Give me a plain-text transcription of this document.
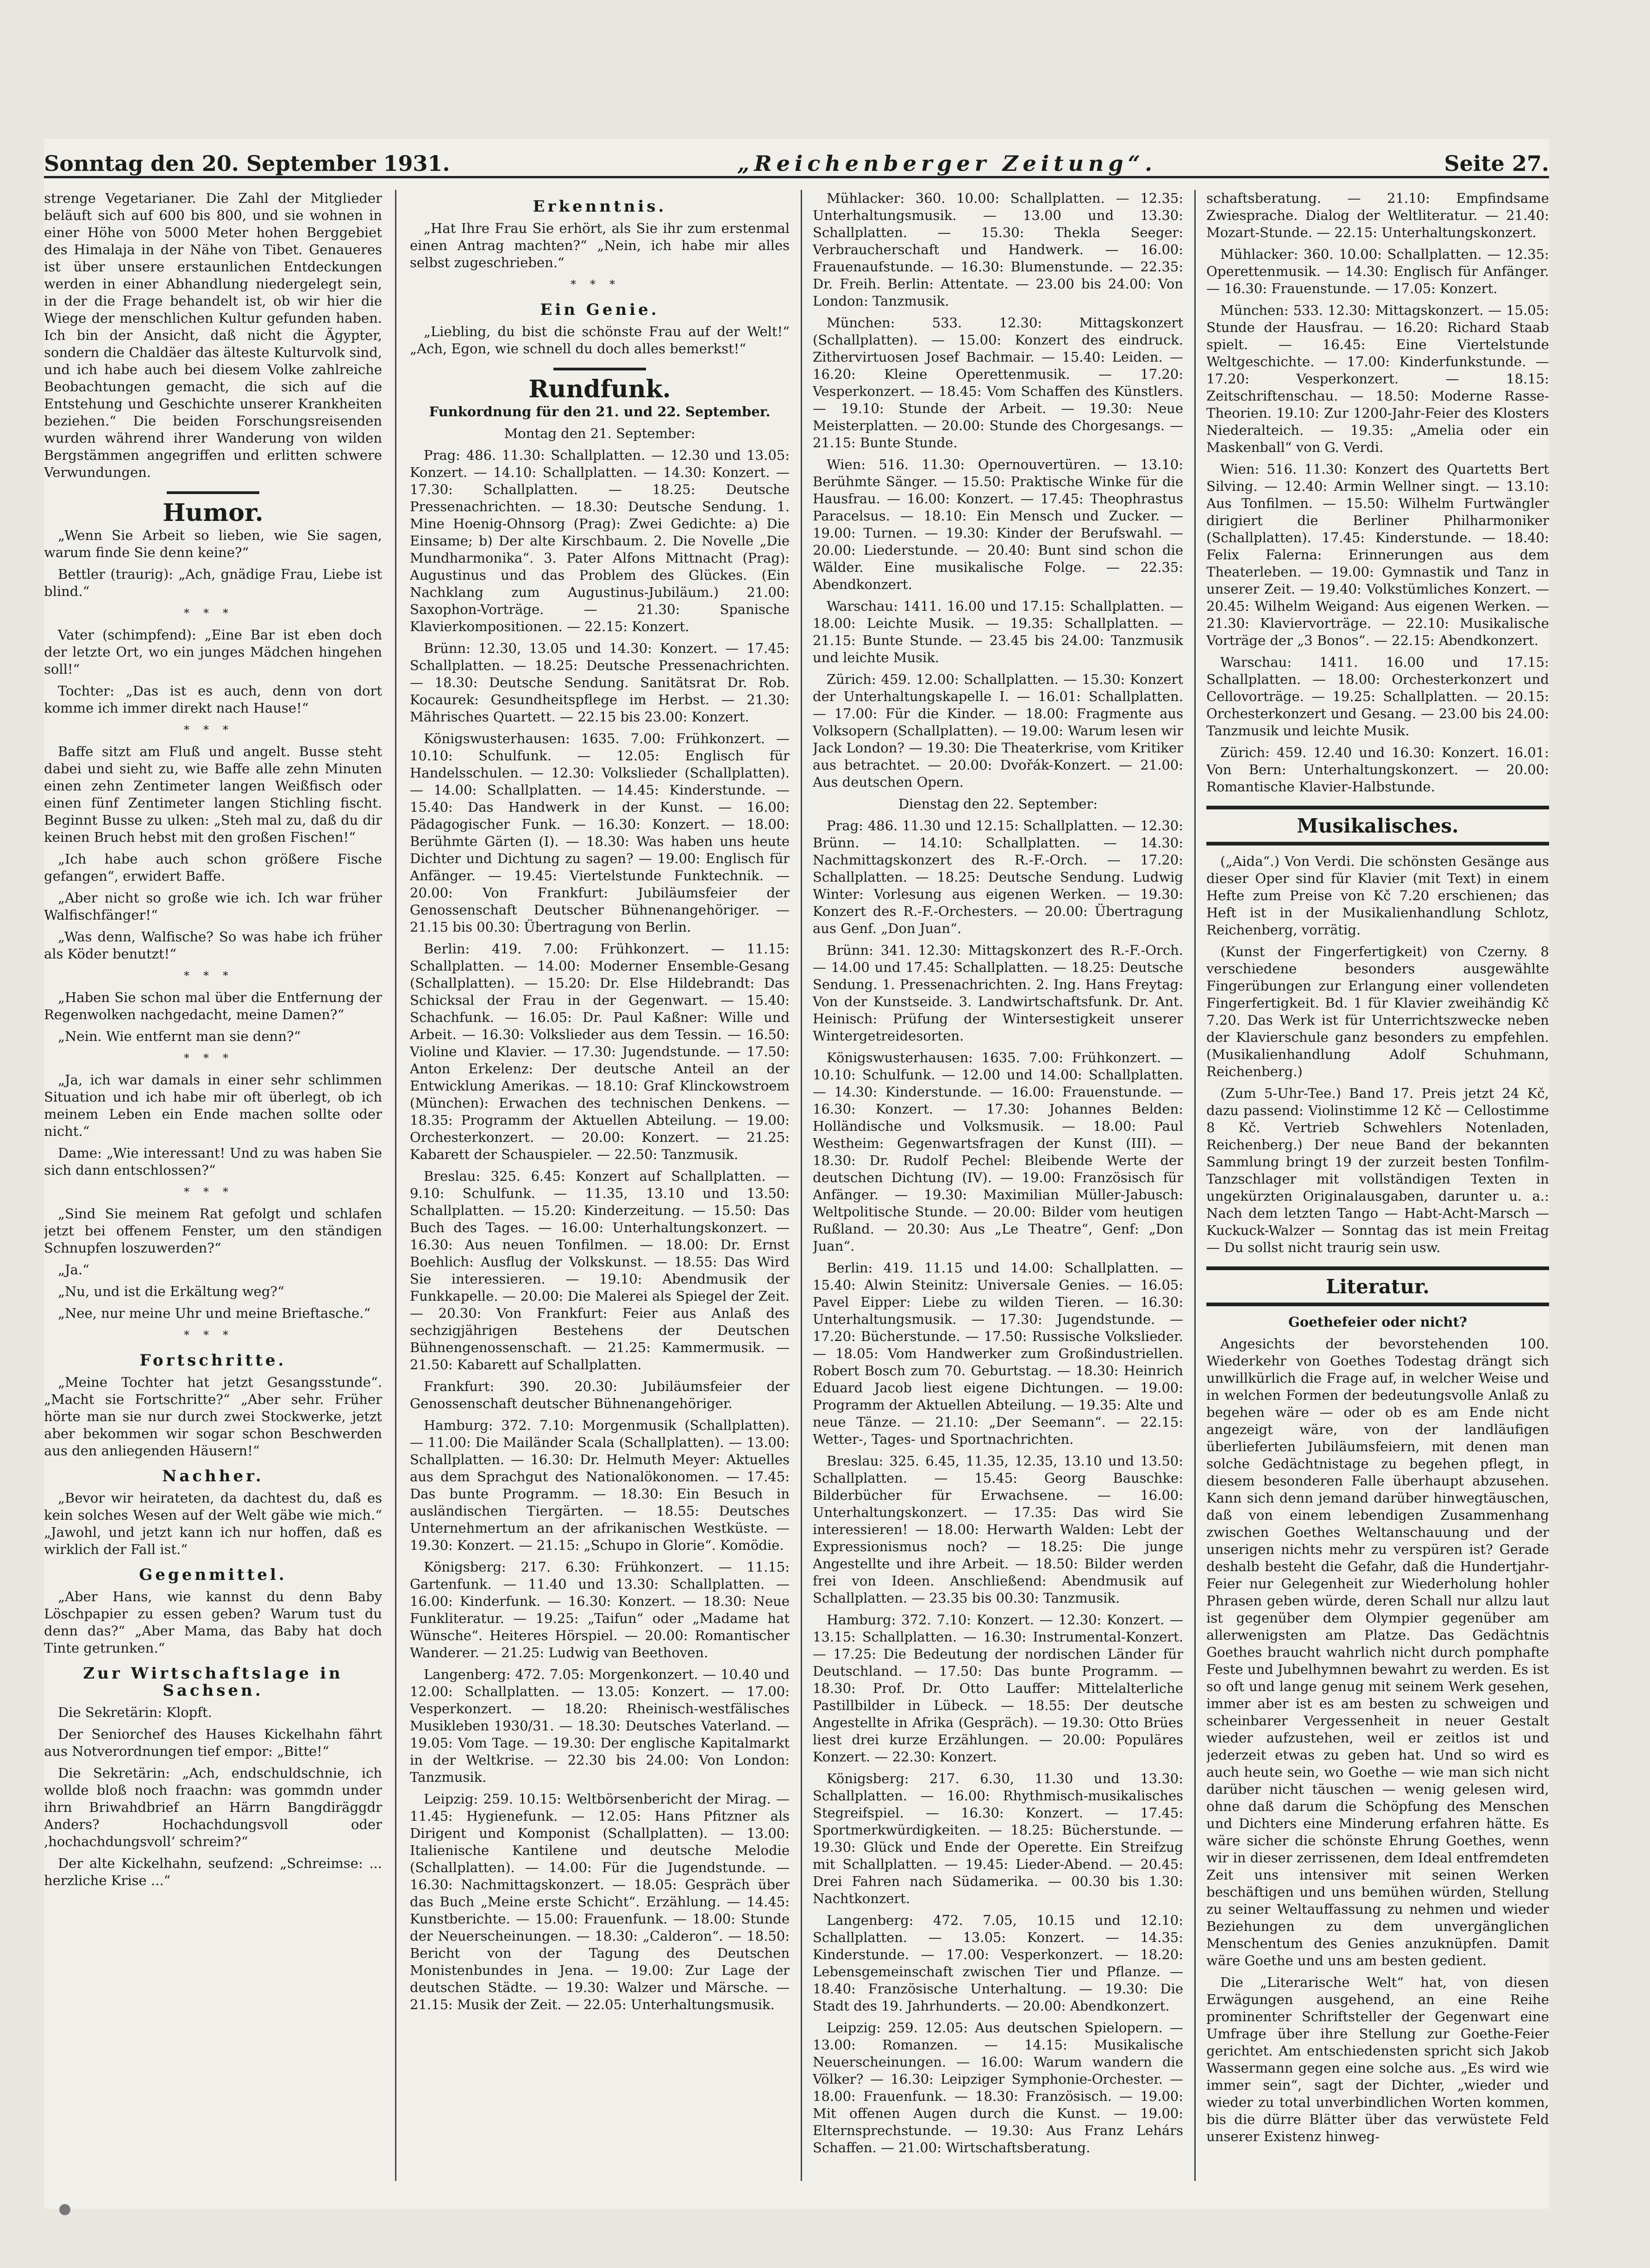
Sonntag den 20. September 1931.	„Reichenberger Zeitung“.	Seite 27.

strenge Vegetarianer. Die Zahl der Mitglieder beläuft sich auf 600 bis 800, und sie wohnen in einer Höhe von 5000 Meter hohen Berggebiet des Himalaja in der Nähe von Tibet. Genaueres ist über unsere erstaunlichen Entdeckungen werden in einer Abhandlung niedergelegt sein, in der die Frage behandelt ist, ob wir hier die Wiege der menschlichen Kultur gefunden haben. Ich bin der Ansicht, daß nicht die Ägypter, sondern die Chaldäer das älteste Kulturvolk sind, und ich habe auch bei diesem Volke zahlreiche Beobachtungen gemacht, die sich auf die Entstehung und Geschichte unserer Krankheiten beziehen.“ Die beiden Forschungsreisenden wurden während ihrer Wanderung von wilden Bergstämmen angegriffen und erlitten schwere Verwundungen.

Humor.

„Wenn Sie Arbeit so lieben, wie Sie sagen, warum finde Sie denn keine?“

Bettler (traurig): „Ach, gnädige Frau, Liebe ist blind.“

***

Vater (schimpfend): „Eine Bar ist eben doch der letzte Ort, wo ein junges Mädchen hingehen soll!“

Tochter: „Das ist es auch, denn von dort komme ich immer direkt nach Hause!“

***

Baffe sitzt am Fluß und angelt. Busse steht dabei und sieht zu, wie Baffe alle zehn Minuten einen zehn Zentimeter langen Weißfisch oder einen fünf Zentimeter langen Stichling fischt. Beginnt Busse zu ulken: „Steh mal zu, daß du dir keinen Bruch hebst mit den großen Fischen!“

„Ich habe auch schon größere Fische gefangen“, erwidert Baffe.

„Aber nicht so große wie ich. Ich war früher Walfischfänger!“

„Was denn, Walfische? So was habe ich früher als Köder benutzt!“

***

„Haben Sie schon mal über die Entfernung der Regenwolken nachgedacht, meine Damen?“

„Nein. Wie entfernt man sie denn?“

***

„Ja, ich war damals in einer sehr schlimmen Situation und ich habe mir oft überlegt, ob ich meinem Leben ein Ende machen sollte oder nicht.“

Dame: „Wie interessant! Und zu was haben Sie sich dann entschlossen?“

***

„Sind Sie meinem Rat gefolgt und schlafen jetzt bei offenem Fenster, um den ständigen Schnupfen loszuwerden?“

„Ja.“

„Nu, und ist die Erkältung weg?“

„Nee, nur meine Uhr und meine Brieftasche.“

***
Fortschritte.

„Meine Tochter hat jetzt Gesangsstunde“. „Macht sie Fortschritte?“ „Aber sehr. Früher hörte man sie nur durch zwei Stockwerke, jetzt aber bekommen wir sogar schon Beschwerden aus den anliegenden Häusern!“

Nachher.

„Bevor wir heirateten, da dachtest du, daß es kein solches Wesen auf der Welt gäbe wie mich.“ „Jawohl, und jetzt kann ich nur hoffen, daß es wirklich der Fall ist.“

Gegenmittel.

„Aber Hans, wie kannst du denn Baby Löschpapier zu essen geben? Warum tust du denn das?“ „Aber Mama, das Baby hat doch Tinte getrunken.“

Zur Wirtschaftslage in Sachsen.

Die Sekretärin: Klopft.

Der Seniorchef des Hauses Kickelhahn fährt aus Notverordnungen tief empor: „Bitte!“

Die Sekretärin: „Ach, endschuldschnie, ich wollde bloß noch fraachn: was gommdn under ihrn Briwahdbrief an Härrn Bangdiräggdr Anders? Hochachdungsvoll oder ,hochachdungsvoll‘ schreim?“

Der alte Kickelhahn, seufzend: „Schreimse: ... herzliche Krise ...“

Erkenntnis.

„Hat Ihre Frau Sie erhört, als Sie ihr zum erstenmal einen Antrag machten?“ „Nein, ich habe mir alles selbst zugeschrieben.“

***
Ein Genie.

„Liebling, du bist die schönste Frau auf der Welt!“ „Ach, Egon, wie schnell du doch alles bemerkst!“

Rundfunk.

Funkordnung für den 21. und 22. September.

Montag den 21. September:

Prag: 486. 11.30: Schallplatten. — 12.30 und 13.05: Konzert. — 14.10: Schallplatten. — 14.30: Konzert. — 17.30: Schallplatten. — 18.25: Deutsche Pressenachrichten. — 18.30: Deutsche Sendung. 1. Mine Hoenig-Ohnsorg (Prag): Zwei Gedichte: a) Die Einsame; b) Der alte Kirschbaum. 2. Die Novelle „Die Mundharmonika“. 3. Pater Alfons Mittnacht (Prag): Augustinus und das Problem des Glückes. (Ein Nachklang zum Augustinus-Jubiläum.) 21.00: Saxophon-Vorträge. — 21.30: Spanische Klavierkompositionen. — 22.15: Konzert.

Brünn: 12.30, 13.05 und 14.30: Konzert. — 17.45: Schallplatten. — 18.25: Deutsche Pressenachrichten. — 18.30: Deutsche Sendung. Sanitätsrat Dr. Rob. Kocaurek: Gesundheitspflege im Herbst. — 21.30: Mährisches Quartett. — 22.15 bis 23.00: Konzert.

Königswusterhausen: 1635. 7.00: Frühkonzert. — 10.10: Schulfunk. — 12.05: Englisch für Handelsschulen. — 12.30: Volkslieder (Schallplatten). — 14.00: Schallplatten. — 14.45: Kinderstunde. — 15.40: Das Handwerk in der Kunst. — 16.00: Pädagogischer Funk. — 16.30: Konzert. — 18.00: Berühmte Gärten (I). — 18.30: Was haben uns heute Dichter und Dichtung zu sagen? — 19.00: Englisch für Anfänger. — 19.45: Viertelstunde Funktechnik. — 20.00: Von Frankfurt: Jubiläumsfeier der Genossenschaft Deutscher Bühnenangehöriger. — 21.15 bis 00.30: Übertragung von Berlin.

Berlin: 419. 7.00: Frühkonzert. — 11.15: Schallplatten. — 14.00: Moderner Ensemble-Gesang (Schallplatten). — 15.20: Dr. Else Hildebrandt: Das Schicksal der Frau in der Gegenwart. — 15.40: Schachfunk. — 16.05: Dr. Paul Kaßner: Wille und Arbeit. — 16.30: Volkslieder aus dem Tessin. — 16.50: Violine und Klavier. — 17.30: Jugendstunde. — 17.50: Anton Erkelenz: Der deutsche Anteil an der Entwicklung Amerikas. — 18.10: Graf Klinckowstroem (München): Erwachen des technischen Denkens. — 18.35: Programm der Aktuellen Abteilung. — 19.00: Orchesterkonzert. — 20.00: Konzert. — 21.25: Kabarett der Schauspieler. — 22.50: Tanzmusik.

Breslau: 325. 6.45: Konzert auf Schallplatten. — 9.10: Schulfunk. — 11.35, 13.10 und 13.50: Schallplatten. — 15.20: Kinderzeitung. — 15.50: Das Buch des Tages. — 16.00: Unterhaltungskonzert. — 16.30: Aus neuen Tonfilmen. — 18.00: Dr. Ernst Boehlich: Ausflug der Volkskunst. — 18.55: Das Wird Sie interessieren. — 19.10: Abendmusik der Funkkapelle. — 20.00: Die Malerei als Spiegel der Zeit. — 20.30: Von Frankfurt: Feier aus Anlaß des sechzigjährigen Bestehens der Deutschen Bühnengenossenschaft. — 21.25: Kammermusik. — 21.50: Kabarett auf Schallplatten.

Frankfurt: 390. 20.30: Jubiläumsfeier der Genossenschaft deutscher Bühnenangehöriger.

Hamburg: 372. 7.10: Morgenmusik (Schallplatten). — 11.00: Die Mailänder Scala (Schallplatten). — 13.00: Schallplatten. — 16.30: Dr. Helmuth Meyer: Aktuelles aus dem Sprachgut des Nationalökonomen. — 17.45: Das bunte Programm. — 18.30: Ein Besuch in ausländischen Tiergärten. — 18.55: Deutsches Unternehmertum an der afrikanischen Westküste. — 19.30: Konzert. — 21.15: „Schupo in Glorie“. Komödie.

Königsberg: 217. 6.30: Frühkonzert. — 11.15: Gartenfunk. — 11.40 und 13.30: Schallplatten. — 16.00: Kinderfunk. — 16.30: Konzert. — 18.30: Neue Funkliteratur. — 19.25: „Taifun“ oder „Madame hat Wünsche“. Heiteres Hörspiel. — 20.00: Romantischer Wanderer. — 21.25: Ludwig van Beethoven.

Langenberg: 472. 7.05: Morgenkonzert. — 10.40 und 12.00: Schallplatten. — 13.05: Konzert. — 17.00: Vesperkonzert. — 18.20: Rheinisch-westfälisches Musikleben 1930/31. — 18.30: Deutsches Vaterland. — 19.05: Vom Tage. — 19.30: Der englische Kapitalmarkt in der Weltkrise. — 22.30 bis 24.00: Von London: Tanzmusik.

Leipzig: 259. 10.15: Weltbörsenbericht der Mirag. — 11.45: Hygienefunk. — 12.05: Hans Pfitzner als Dirigent und Komponist (Schallplatten). — 13.00: Italienische Kantilene und deutsche Melodie (Schallplatten). — 14.00: Für die Jugendstunde. — 16.30: Nachmittagskonzert. — 18.05: Gespräch über das Buch „Meine erste Schicht“. Erzählung. — 14.45: Kunstberichte. — 15.00: Frauenfunk. — 18.00: Stunde der Neuerscheinungen. — 18.30: „Calderon“. — 18.50: Bericht von der Tagung des Deutschen Monistenbundes in Jena. — 19.00: Zur Lage der deutschen Städte. — 19.30: Walzer und Märsche. — 21.15: Musik der Zeit. — 22.05: Unterhaltungsmusik.

Mühlacker: 360. 10.00: Schallplatten. — 12.35: Unterhaltungsmusik. — 13.00 und 13.30: Schallplatten. — 15.30: Thekla Seeger: Verbraucherschaft und Handwerk. — 16.00: Frauenaufstunde. — 16.30: Blumenstunde. — 22.35: Dr. Freih. Berlin: Attentate. — 23.00 bis 24.00: Von London: Tanzmusik.

München: 533. 12.30: Mittagskonzert (Schallplatten). — 15.00: Konzert des eindruck. Zithervirtuosen Josef Bachmair. — 15.40: Leiden. — 16.20: Kleine Operettenmusik. — 17.20: Vesperkonzert. — 18.45: Vom Schaffen des Künstlers. — 19.10: Stunde der Arbeit. — 19.30: Neue Meisterplatten. — 20.00: Stunde des Chorgesangs. — 21.15: Bunte Stunde.

Wien: 516. 11.30: Opernouvertüren. — 13.10: Berühmte Sänger. — 15.50: Praktische Winke für die Hausfrau. — 16.00: Konzert. — 17.45: Theophrastus Paracelsus. — 18.10: Ein Mensch und Zucker. — 19.00: Turnen. — 19.30: Kinder der Berufswahl. — 20.00: Liederstunde. — 20.40: Bunt sind schon die Wälder. Eine musikalische Folge. — 22.35: Abendkonzert.

Warschau: 1411. 16.00 und 17.15: Schallplatten. — 18.00: Leichte Musik. — 19.35: Schallplatten. — 21.15: Bunte Stunde. — 23.45 bis 24.00: Tanzmusik und leichte Musik.

Zürich: 459. 12.00: Schallplatten. — 15.30: Konzert der Unterhaltungskapelle I. — 16.01: Schallplatten. — 17.00: Für die Kinder. — 18.00: Fragmente aus Volksopern (Schallplatten). — 19.00: Warum lesen wir Jack London? — 19.30: Die Theaterkrise, vom Kritiker aus betrachtet. — 20.00: Dvořák-Konzert. — 21.00: Aus deutschen Opern.

Dienstag den 22. September:

Prag: 486. 11.30 und 12.15: Schallplatten. — 12.30: Brünn. — 14.10: Schallplatten. — 14.30: Nachmittagskonzert des R.-F.-Orch. — 17.20: Schallplatten. — 18.25: Deutsche Sendung. Ludwig Winter: Vorlesung aus eigenen Werken. — 19.30: Konzert des R.-F.-Orchesters. — 20.00: Übertragung aus Genf. „Don Juan“.

Brünn: 341. 12.30: Mittagskonzert des R.-F.-Orch. — 14.00 und 17.45: Schallplatten. — 18.25: Deutsche Sendung. 1. Pressenachrichten. 2. Ing. Hans Freytag: Von der Kunstseide. 3. Landwirtschaftsfunk. Dr. Ant. Heinisch: Prüfung der Wintersestigkeit unserer Wintergetreidesorten.

Königswusterhausen: 1635. 7.00: Frühkonzert. — 10.10: Schulfunk. — 12.00 und 14.00: Schallplatten. — 14.30: Kinderstunde. — 16.00: Frauenstunde. — 16.30: Konzert. — 17.30: Johannes Belden: Holländische und Volksmusik. — 18.00: Paul Westheim: Gegenwartsfragen der Kunst (III). — 18.30: Dr. Rudolf Pechel: Bleibende Werte der deutschen Dichtung (IV). — 19.00: Französisch für Anfänger. — 19.30: Maximilian Müller-Jabusch: Weltpolitische Stunde. — 20.00: Bilder vom heutigen Rußland. — 20.30: Aus „Le Theatre“, Genf: „Don Juan“.

Berlin: 419. 11.15 und 14.00: Schallplatten. — 15.40: Alwin Steinitz: Universale Genies. — 16.05: Pavel Eipper: Liebe zu wilden Tieren. — 16.30: Unterhaltungsmusik. — 17.30: Jugendstunde. — 17.20: Bücherstunde. — 17.50: Russische Volkslieder. — 18.05: Vom Handwerker zum Großindustriellen. Robert Bosch zum 70. Geburtstag. — 18.30: Heinrich Eduard Jacob liest eigene Dichtungen. — 19.00: Programm der Aktuellen Abteilung. — 19.35: Alte und neue Tänze. — 21.10: „Der Seemann“. — 22.15: Wetter-, Tages- und Sportnachrichten.

Breslau: 325. 6.45, 11.35, 12.35, 13.10 und 13.50: Schallplatten. — 15.45: Georg Bauschke: Bilderbücher für Erwachsene. — 16.00: Unterhaltungskonzert. — 17.35: Das wird Sie interessieren! — 18.00: Herwarth Walden: Lebt der Expressionismus noch? — 18.25: Die junge Angestellte und ihre Arbeit. — 18.50: Bilder werden frei von Ideen. Anschließend: Abendmusik auf Schallplatten. — 23.35 bis 00.30: Tanzmusik.

Hamburg: 372. 7.10: Konzert. — 12.30: Konzert. — 13.15: Schallplatten. — 16.30: Instrumental-Konzert. — 17.25: Die Bedeutung der nordischen Länder für Deutschland. — 17.50: Das bunte Programm. — 18.30: Prof. Dr. Otto Lauffer: Mittelalterliche Pastillbilder in Lübeck. — 18.55: Der deutsche Angestellte in Afrika (Gespräch). — 19.30: Otto Brües liest drei kurze Erzählungen. — 20.00: Populäres Konzert. — 22.30: Konzert.

Königsberg: 217. 6.30, 11.30 und 13.30: Schallplatten. — 16.00: Rhythmisch-musikalisches Stegreifspiel. — 16.30: Konzert. — 17.45: Sportmerkwürdigkeiten. — 18.25: Bücherstunde. — 19.30: Glück und Ende der Operette. Ein Streifzug mit Schallplatten. — 19.45: Lieder-Abend. — 20.45: Drei Fahren nach Südamerika. — 00.30 bis 1.30: Nachtkonzert.

Langenberg: 472. 7.05, 10.15 und 12.10: Schallplatten. — 13.05: Konzert. — 14.35: Kinderstunde. — 17.00: Vesperkonzert. — 18.20: Lebensgemeinschaft zwischen Tier und Pflanze. — 18.40: Französische Unterhaltung. — 19.30: Die Stadt des 19. Jahrhunderts. — 20.00: Abendkonzert.

Leipzig: 259. 12.05: Aus deutschen Spielopern. — 13.00: Romanzen. — 14.15: Musikalische Neuerscheinungen. — 16.00: Warum wandern die Völker? — 16.30: Leipziger Symphonie-Orchester. — 18.00: Frauenfunk. — 18.30: Französisch. — 19.00: Mit offenen Augen durch die Kunst. — 19.00: Elternsprechstunde. — 19.30: Aus Franz Lehárs Schaffen. — 21.00: Wirtschaftsberatung.

schaftsberatung. — 21.10: Empfindsame Zwiesprache. Dialog der Weltliteratur. — 21.40: Mozart-Stunde. — 22.15: Unterhaltungskonzert.

Mühlacker: 360. 10.00: Schallplatten. — 12.35: Operettenmusik. — 14.30: Englisch für Anfänger. — 16.30: Frauenstunde. — 17.05: Konzert.

München: 533. 12.30: Mittagskonzert. — 15.05: Stunde der Hausfrau. — 16.20: Richard Staab spielt. — 16.45: Eine Viertelstunde Weltgeschichte. — 17.00: Kinderfunkstunde. — 17.20: Vesperkonzert. — 18.15: Zeitschriftenschau. — 18.50: Moderne Rasse-Theorien. 19.10: Zur 1200-Jahr-Feier des Klosters Niederalteich. — 19.35: „Amelia oder ein Maskenball“ von G. Verdi.

Wien: 516. 11.30: Konzert des Quartetts Bert Silving. — 12.40: Armin Wellner singt. — 13.10: Aus Tonfilmen. — 15.50: Wilhelm Furtwängler dirigiert die Berliner Philharmoniker (Schallplatten). 17.45: Kinderstunde. — 18.40: Felix Falerna: Erinnerungen aus dem Theaterleben. — 19.00: Gymnastik und Tanz in unserer Zeit. — 19.40: Volkstümliches Konzert. — 20.45: Wilhelm Weigand: Aus eigenen Werken. — 21.30: Klaviervorträge. — 22.10: Musikalische Vorträge der „3 Bonos“. — 22.15: Abendkonzert.

Warschau: 1411. 16.00 und 17.15: Schallplatten. — 18.00: Orchesterkonzert und Cellovorträge. — 19.25: Schallplatten. — 20.15: Orchesterkonzert und Gesang. — 23.00 bis 24.00: Tanzmusik und leichte Musik.

Zürich: 459. 12.40 und 16.30: Konzert. 16.01: Von Bern: Unterhaltungskonzert. — 20.00: Romantische Klavier-Halbstunde.

Musikalisches.

(„Aida“.) Von Verdi. Die schönsten Gesänge aus dieser Oper sind für Klavier (mit Text) in einem Hefte zum Preise von Kč 7.20 erschienen; das Heft ist in der Musikalienhandlung Schlotz, Reichenberg, vorrätig.

(Kunst der Fingerfertigkeit) von Czerny. 8 verschiedene besonders ausgewählte Fingerübungen zur Erlangung einer vollendeten Fingerfertigkeit. Bd. 1 für Klavier zweihändig Kč 7.20. Das Werk ist für Unterrichtszwecke neben der Klavierschule ganz besonders zu empfehlen. (Musikalienhandlung Adolf Schuhmann, Reichenberg.)

(Zum 5-Uhr-Tee.) Band 17. Preis jetzt 24 Kč, dazu passend: Violinstimme 12 Kč — Cellostimme 8 Kč. Vertrieb Schwehlers Notenladen, Reichenberg.) Der neue Band der bekannten Sammlung bringt 19 der zurzeit besten Tonfilm-Tanzschlager mit vollständigen Texten in ungekürzten Originalausgaben, darunter u. a.: Nach dem letzten Tango — Habt-Acht-Marsch — Kuckuck-Walzer — Sonntag das ist mein Freitag — Du sollst nicht traurig sein usw.

Literatur.

Goethefeier oder nicht?

Angesichts der bevorstehenden 100. Wiederkehr von Goethes Todestag drängt sich unwillkürlich die Frage auf, in welcher Weise und in welchen Formen der bedeutungsvolle Anlaß zu begehen wäre — oder ob es am Ende nicht angezeigt wäre, von der landläufigen überlieferten Jubiläumsfeiern, mit denen man solche Gedächtnistage zu begehen pflegt, in diesem besonderen Falle überhaupt abzusehen. Kann sich denn jemand darüber hinwegtäuschen, daß von einem lebendigen Zusammenhang zwischen Goethes Weltanschauung und der unserigen nichts mehr zu verspüren ist? Gerade deshalb besteht die Gefahr, daß die Hundertjahr-Feier nur Gelegenheit zur Wiederholung hohler Phrasen geben würde, deren Schall nur allzu laut ist gegenüber dem Olympier gegenüber am allerwenigsten am Platze. Das Gedächtnis Goethes braucht wahrlich nicht durch pomphafte Feste und Jubelhymnen bewahrt zu werden. Es ist so oft und lange genug mit seinem Werk gesehen, immer aber ist es am besten zu schweigen und scheinbarer Vergessenheit in neuer Gestalt wieder aufzustehen, weil er zeitlos ist und jederzeit etwas zu geben hat. Und so wird es auch heute sein, wo Goethe — wie man sich nicht darüber nicht täuschen — wenig gelesen wird, ohne daß darum die Schöpfung des Menschen und Dichters eine Minderung erfahren hätte. Es wäre sicher die schönste Ehrung Goethes, wenn wir in dieser zerrissenen, dem Ideal entfremdeten Zeit uns intensiver mit seinen Werken beschäftigen und uns bemühen würden, Stellung zu seiner Weltauffassung zu nehmen und wieder Beziehungen zu dem unvergänglichen Menschentum des Genies anzuknüpfen. Damit wäre Goethe und uns am besten gedient.

Die „Literarische Welt“ hat, von diesen Erwägungen ausgehend, an eine Reihe prominenter Schriftsteller der Gegenwart eine Umfrage über ihre Stellung zur Goethe-Feier gerichtet. Am entschiedensten spricht sich Jakob Wassermann gegen eine solche aus. „Es wird wie immer sein“, sagt der Dichter, „wieder und wieder zu total unverbindlichen Worten kommen, bis die dürre Blätter über das verwüstete Feld unserer Existenz hinweg-
